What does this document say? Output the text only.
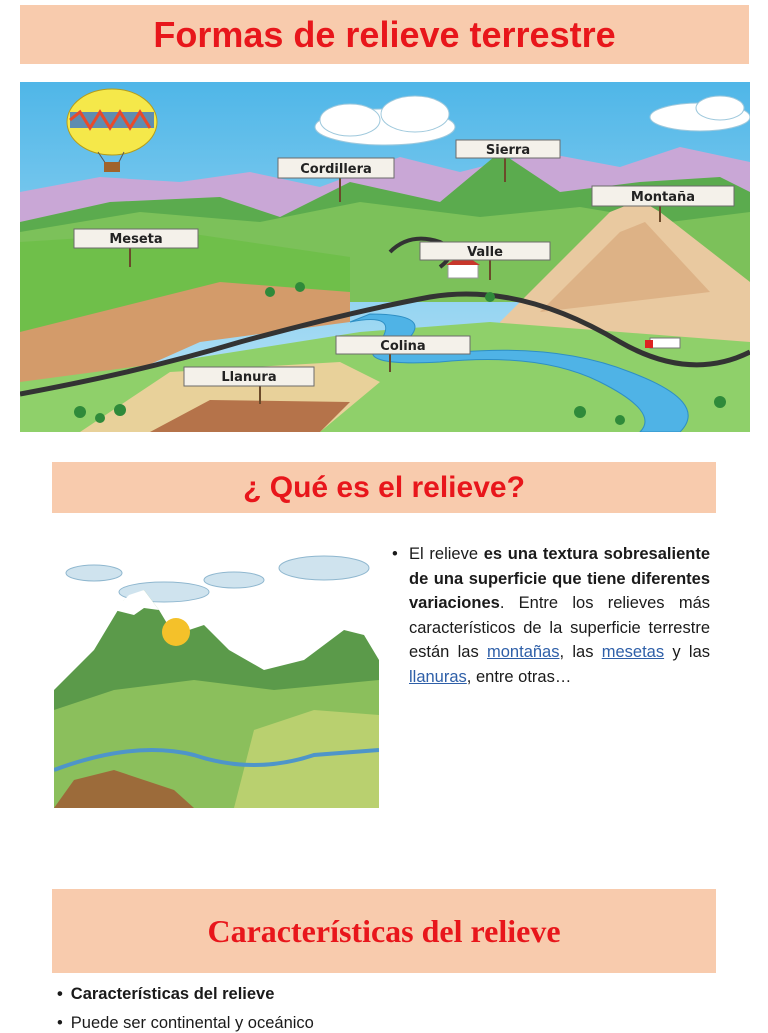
Formas de relieve terrestre
Cordillera
Sierra
Montaña
Meseta
Valle
Colina
Llanura
¿ Qué es el relieve?
• El relieve es una textura sobresaliente de una superficie que tiene diferentes variaciones. Entre los relieves más característicos de la superficie terrestre están las montañas, las mesetas y las llanuras, entre otras…
Características del relieve
• Características del relieve
• Puede ser continental y oceánico
